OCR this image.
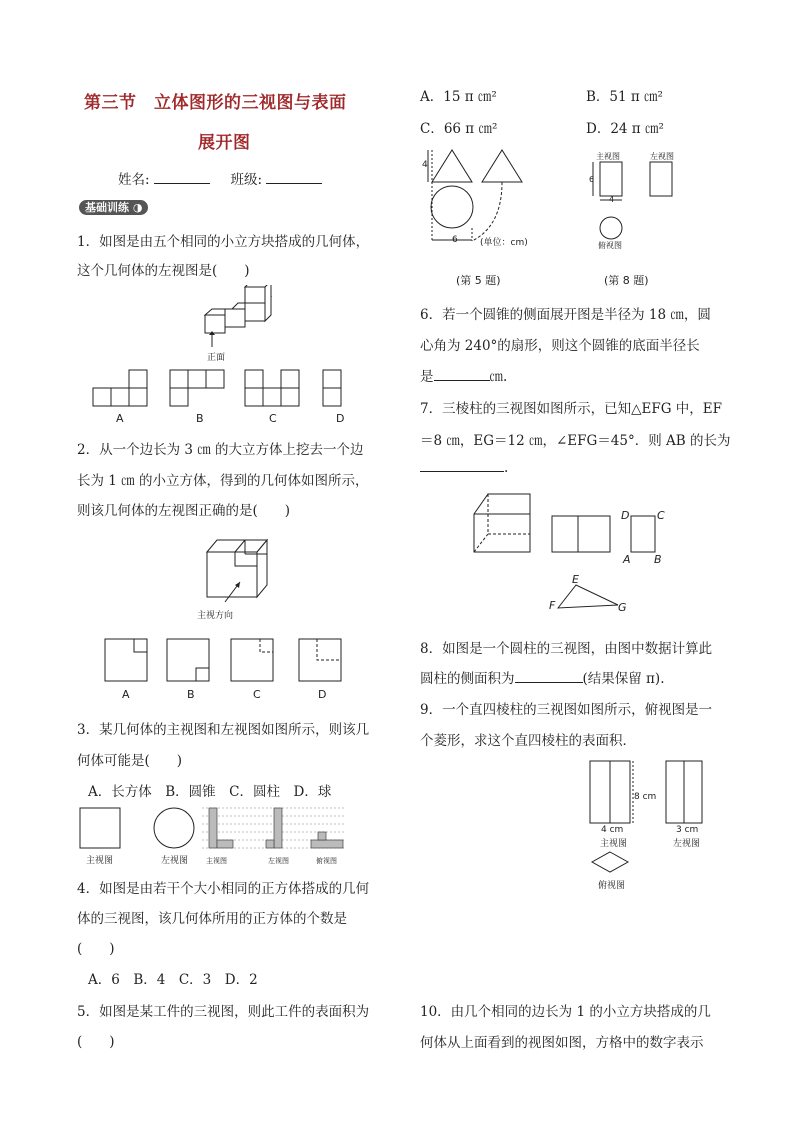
第三节　立体图形的三视图与表面
展开图
姓名:	班级:
基础训练 ◑
1．如图是由五个相同的小立方块搭成的几何体，
这个几何体的左视图是(　　)
正面
A	B	C	D
2．从一个边长为 3 ㎝ 的大立方体上挖去一个边
长为 1 ㎝ 的小立方体，得到的几何体如图所示，
则该几何体的左视图正确的是(　　)
主视方向
A	B	C	D
3．某几何体的主视图和左视图如图所示，则该几
何体可能是(　　)
A．长方体　B．圆锥　C．圆柱　D．球
主视图	左视图	主视图	左视图	俯视图
4．如图是由若干个大小相同的正方体搭成的几何
体的三视图，该几何体所用的正方体的个数是
(　　)
A．6　B．4　C．3　D．2
5．如图是某工件的三视图，则此工件的表面积为
(　　)
A．15 π ㎝²	B．51 π ㎝²
C．66 π ㎝²	D．24 π ㎝²
4
6 (单位：cm)
(第 5 题)
主视图	左视图
6
4
俯视图
(第 8 题)
6．若一个圆锥的侧面展开图是半径为 18 ㎝，圆
心角为 240°的扇形，则这个圆锥的底面半径长
是	㎝.
7．三棱柱的三视图如图所示，已知△EFG 中，EF
＝8 ㎝，EG＝12 ㎝，∠EFG＝45°．则 AB 的长为
.
D	C
A B
E
F	G
8．如图是一个圆柱的三视图，由图中数据计算此
圆柱的侧面积为	(结果保留 π).
9．一个直四棱柱的三视图如图所示，俯视图是一
个菱形，求这个直四棱柱的表面积．
8 cm
4 cm	3 cm
主视图	左视图
俯视图
10．由几个相同的边长为 1 的小立方块搭成的几
何体从上面看到的视图如图，方格中的数字表示
